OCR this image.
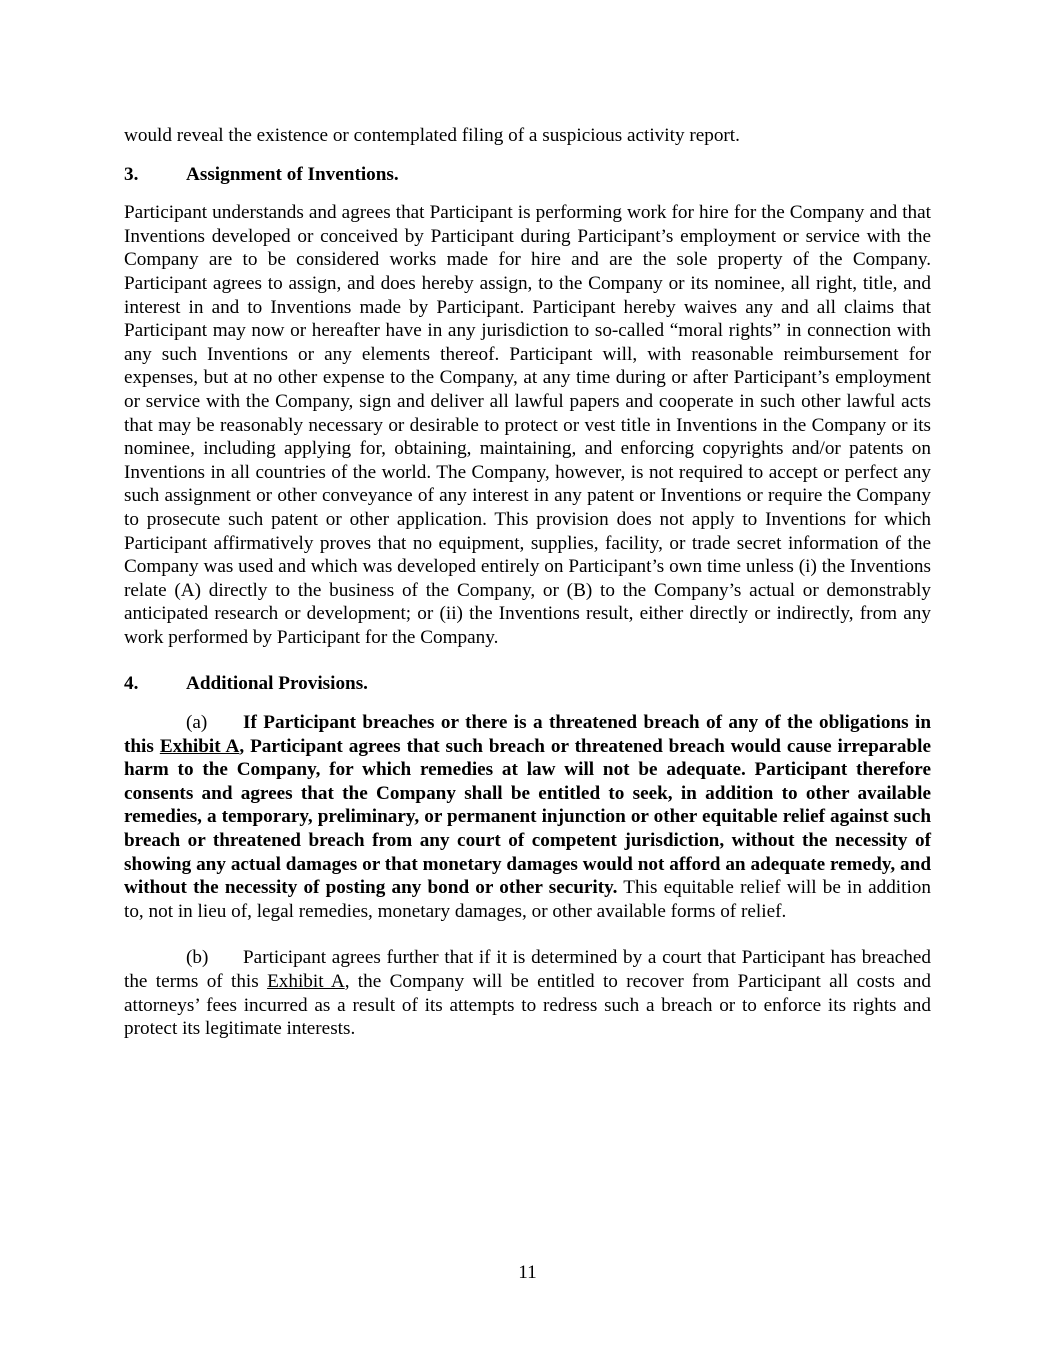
would reveal the existence or contemplated filing of a suspicious activity report.

3.	Assignment of Inventions.

Participant understands and agrees that Participant is performing work for hire for the Company and that Inventions developed or conceived by Participant during Participant’s employment or service with the Company are to be considered works made for hire and are the sole property of the Company. Participant agrees to assign, and does hereby assign, to the Company or its nominee, all right, title, and interest in and to Inventions made by Participant. Participant hereby waives any and all claims that Participant may now or hereafter have in any jurisdiction to so-called “moral rights” in connection with any such Inventions or any elements thereof. Participant will, with reasonable reimbursement for expenses, but at no other expense to the Company, at any time during or after Participant’s employment or service with the Company, sign and deliver all lawful papers and cooperate in such other lawful acts that may be reasonably necessary or desirable to protect or vest title in Inventions in the Company or its nominee, including applying for, obtaining, maintaining, and enforcing copyrights and/or patents on Inventions in all countries of the world. The Company, however, is not required to accept or perfect any such assignment or other conveyance of any interest in any patent or Inventions or require the Company to prosecute such patent or other application. This provision does not apply to Inventions for which Participant affirmatively proves that no equipment, supplies, facility, or trade secret information of the Company was used and which was developed entirely on Participant’s own time unless (i) the Inventions relate (A) directly to the business of the Company, or (B) to the Company’s actual or demonstrably anticipated research or development; or (ii) the Inventions result, either directly or indirectly, from any work performed by Participant for the Company.

4.	Additional Provisions.

(a) If Participant breaches or there is a threatened breach of any of the obligations in this Exhibit A, Participant agrees that such breach or threatened breach would cause irreparable harm to the Company, for which remedies at law will not be adequate. Participant therefore consents and agrees that the Company shall be entitled to seek, in addition to other available remedies, a temporary, preliminary, or permanent injunction or other equitable relief against such breach or threatened breach from any court of competent jurisdiction, without the necessity of showing any actual damages or that monetary damages would not afford an adequate remedy, and without the necessity of posting any bond or other security. This equitable relief will be in addition to, not in lieu of, legal remedies, monetary damages, or other available forms of relief.

(b) Participant agrees further that if it is determined by a court that Participant has breached the terms of this Exhibit A, the Company will be entitled to recover from Participant all costs and attorneys’ fees incurred as a result of its attempts to redress such a breach or to enforce its rights and protect its legitimate interests.

11
